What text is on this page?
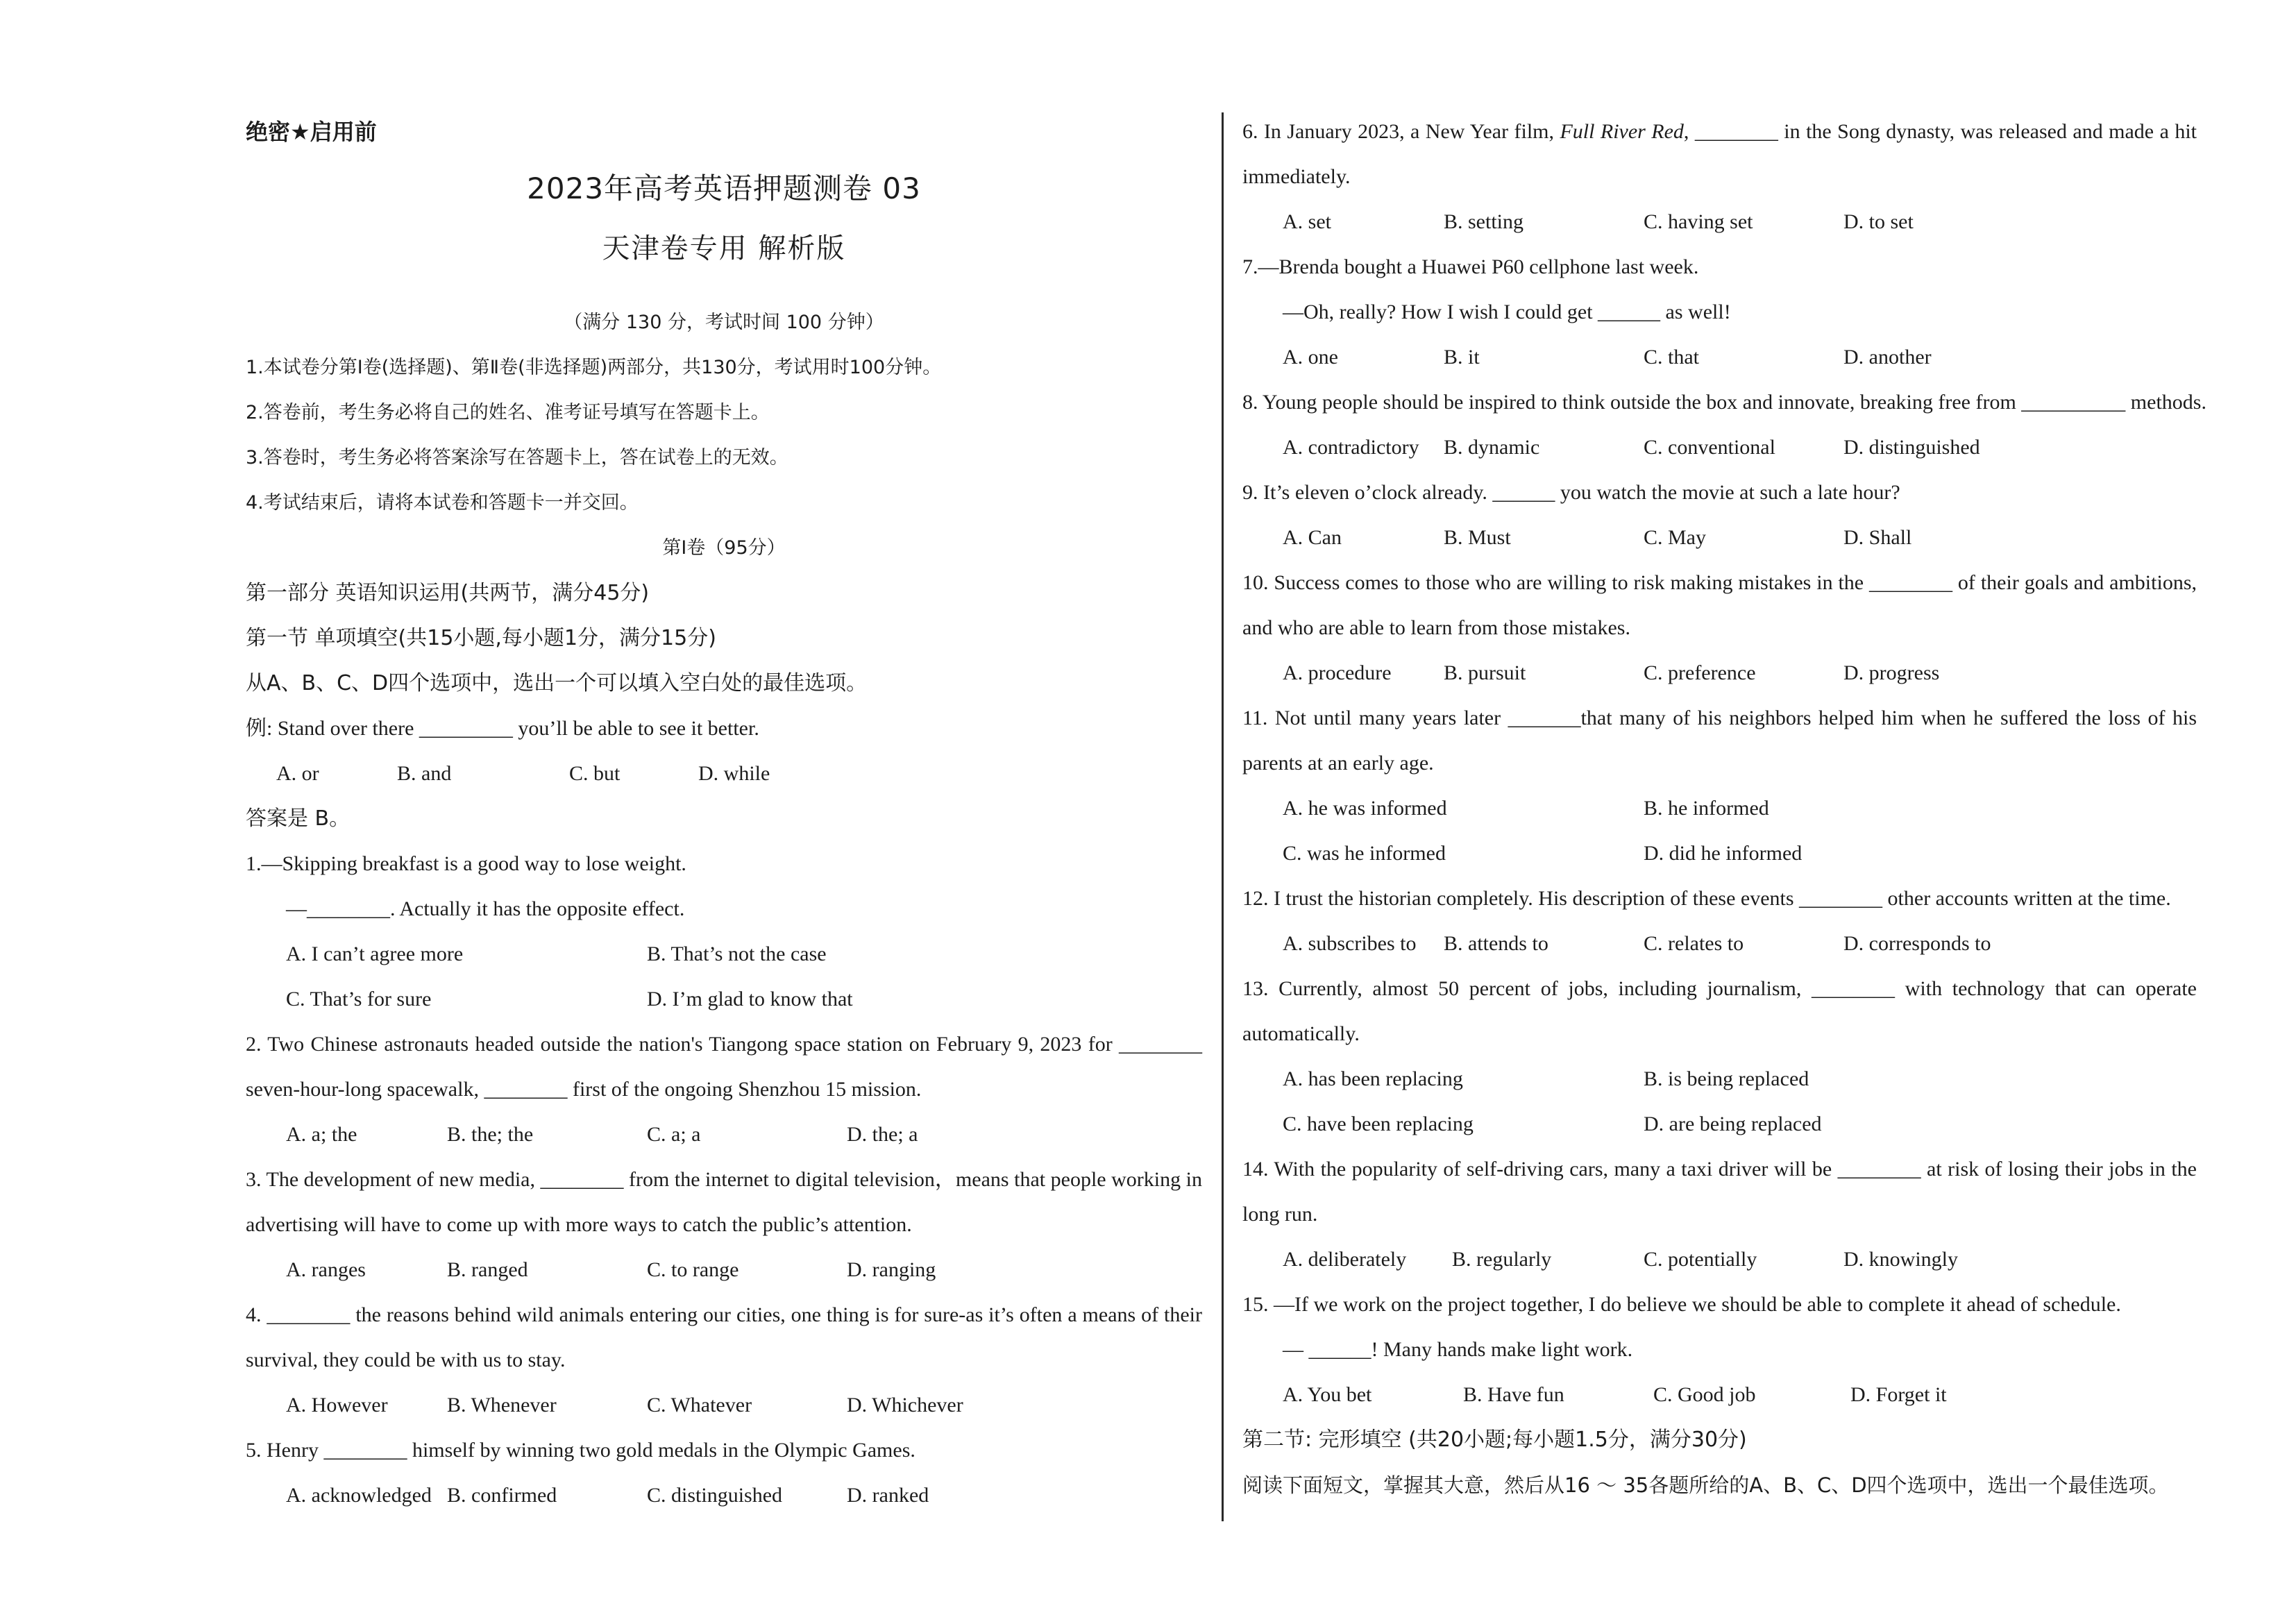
绝密★启用前
2023年高考英语押题测卷 03
天津卷专用 解析版
（满分 130 分，考试时间 100 分钟）
1.本试卷分第Ⅰ卷(选择题)、第Ⅱ卷(非选择题)两部分，共130分，考试用时100分钟。
2.答卷前，考生务必将自己的姓名、准考证号填写在答题卡上。
3.答卷时，考生务必将答案涂写在答题卡上，答在试卷上的无效。
4.考试结束后，请将本试卷和答题卡一并交回。
第Ⅰ卷（95分）
第一部分 英语知识运用(共两节，满分45分)
第一节 单项填空(共15小题,每小题1分，满分15分)
从A、B、C、D四个选项中，选出一个可以填入空白处的最佳选项。
例: Stand over there _________ you’ll be able to see it better.
A. or	B. and	C. but	D. while
答案是 B。
1.—Skipping breakfast is a good way to lose weight.
—________. Actually it has the opposite effect.
A. I can’t agree more	B. That’s not the case
C. That’s for sure	D. I’m glad to know that
2. Two Chinese astronauts headed outside the nation's Tiangong space station on February 9, 2023 for ________
seven-hour-long spacewalk, ________ first of the ongoing Shenzhou 15 mission.
A. a; the	B. the; the	C. a; a	D. the; a
3. The development of new media, ________ from the internet to digital television，means that people working in
advertising will have to come up with more ways to catch the public’s attention.
A. ranges	B. ranged	C. to range	D. ranging
4. ________ the reasons behind wild animals entering our cities, one thing is for sure-as it’s often a means of their
survival, they could be with us to stay.
A. However	B. Whenever	C. Whatever	D. Whichever
5. Henry ________ himself by winning two gold medals in the Olympic Games.
A. acknowledged B. confirmed	C. distinguished	D. ranked
6. In January 2023, a New Year film, Full River Red, ________ in the Song dynasty, was released and made a hit
immediately.
A. set	B. setting	C. having set	D. to set
7.—Brenda bought a Huawei P60 cellphone last week.
—Oh, really? How I wish I could get ______ as well!
A. one	B. it	C. that	D. another
8. Young people should be inspired to think outside the box and innovate, breaking free from __________ methods.
A. contradictory B. dynamic	C. conventional	D. distinguished
9. It’s eleven o’clock already. ______ you watch the movie at such a late hour?
A. Can	B. Must	C. May	D. Shall
10. Success comes to those who are willing to risk making mistakes in the ________ of their goals and ambitions,
and who are able to learn from those mistakes.
A. procedure	B. pursuit	C. preference	D. progress
11. Not until many years later _______that many of his neighbors helped him when he suffered the loss of his
parents at an early age.
A. he was informed	B. he informed
C. was he informed	D. did he informed
12. I trust the historian completely. His description of these events ________ other accounts written at the time.
A. subscribes to B. attends to	C. relates to	D. corresponds to
13. Currently, almost 50 percent of jobs, including journalism, ________ with technology that can operate
automatically.
A. has been replacing	B. is being replaced
C. have been replacing	D. are being replaced
14. With the popularity of self-driving cars, many a taxi driver will be ________ at risk of losing their jobs in the
long run.
A. deliberately B. regularly	C. potentially	D. knowingly
15. —If we work on the project together, I do believe we should be able to complete it ahead of schedule.
— ______! Many hands make light work.
A. You bet	B. Have fun	C. Good job	D. Forget it
第二节: 完形填空 (共20小题;每小题1.5分，满分30分)
阅读下面短文，掌握其大意，然后从16 ～ 35各题所给的A、B、C、D四个选项中，选出一个最佳选项。
